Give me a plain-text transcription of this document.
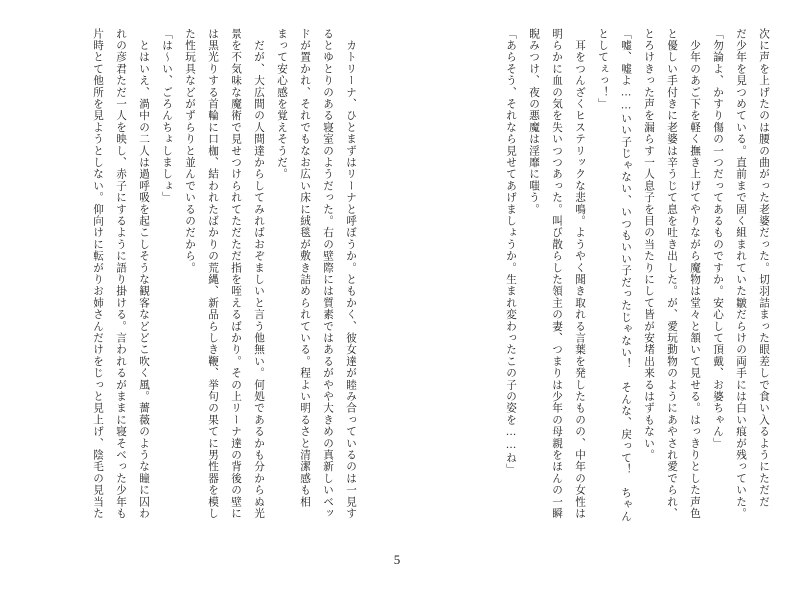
次に声を上げたのは腰の曲がった老婆だった。切羽詰まった眼差しで食い入るようにただだ
だ少年を見つめている。直前まで固く組まれていた皺だらけの両手には白い痕が残っていた。
「勿論よ、かすり傷の一つだってあるものですか。安心して頂戴、お婆ちゃん」
　少年のあご下を軽く撫き上げてやりながら魔物は堂々と頷いて見せる。はっきりとした声色
と優しい手付きに老婆は辛うじて息を吐き出した。が、愛玩動物のようにあやされ愛でられ、
とろけきった声を漏らす一人息子を目の当たりにして皆が安堵出来るはずもない。
「嘘、嘘よ……いい子じゃない、いつもいい子だったじゃない！　そんな、戻って！　ちゃん
としてぇっ！」
　耳をつんざくヒステリックな悲鳴。ようやく聞き取れる言葉を発したものの、中年の女性は
明らかに血の気を失いつつあった。叫び散らした領主の妻、つまりは少年の母親をほんの一瞬
睨みつけ、夜の悪魔は淫靡に嗤う。
「あらそう、それなら見せてあげましょうか。生まれ変わったこの子の姿を……ね」
　カトリーナ、ひとまずはリーナと呼ぼうか。ともかく、彼女達が睦み合っているのは一見す
るとゆとりのある寝室のようだった。右の壁際には質素ではあるがやや大きめの真新しいベッ
ドが置かれ、それでもなお広い床に絨毯が敷き詰められている。程よい明るさと清潔感も相
まって安心感を覚えそうだ。
　だが、大広間の人間達からしてみればおぞましいと言う他無い。何処であるかも分からぬ光
景を不気味な魔術で見せつけられてただただ指を咥えるばかり。その上リーナ達の背後の壁に
は黒光りする首輪に口枷、結われたばかりの荒縄、新品らしき鞭、挙句の果てに男性器を模し
た性玩具などがずらりと並んでいるのだから。
「は～い、ごろんちょしましょ」
　とはいえ、渦中の二人は過呼吸を起こしそうな観客などどこ吹く風。薔薇のような瞳に囚わ
れの彦君ただ一人を映し、赤子にするように語り掛ける。言われるがままに寝そべった少年も
片時とて他所を見ようとしない。仰向けに転がりお姉さんだけをじっと見上げ、陰毛の見当た
5
